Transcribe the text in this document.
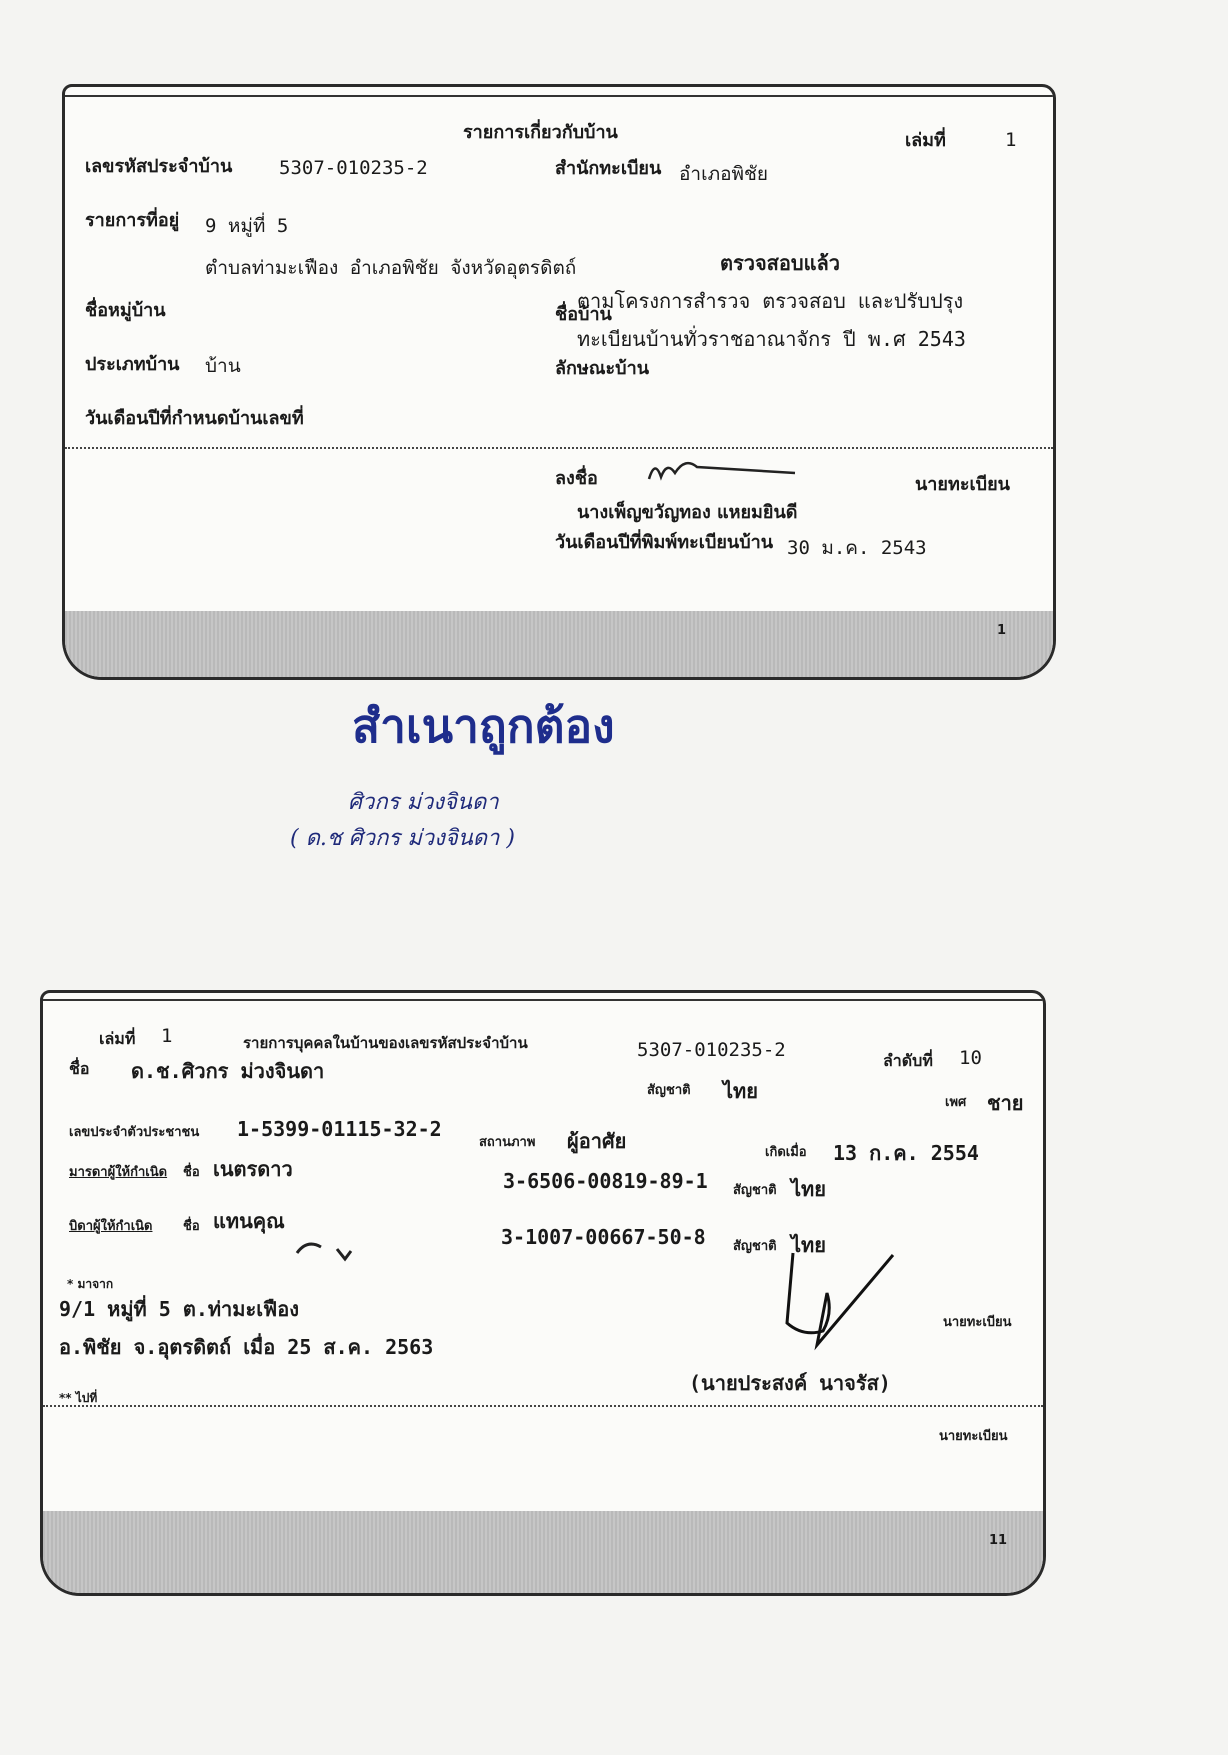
รายการเกี่ยวกับบ้าน	เล่มที่	1
เลขรหัสประจำบ้าน 5307-010235-2	สำนักทะเบียน อำเภอพิชัย
รายการที่อยู่ 9 หมู่ที่ 5
ตำบลท่ามะเฟือง อำเภอพิชัย จังหวัดอุตรดิตถ์	ตรวจสอบแล้ว
ตามโครงการสำรวจ ตรวจสอบ และปรับปรุง
ทะเบียนบ้านทั่วราชอาณาจักร ปี พ.ศ 2543
ชื่อหมู่บ้าน	ชื่อบ้าน
ประเภทบ้าน บ้าน	ลักษณะบ้าน
วันเดือนปีที่กำหนดบ้านเลขที่
ลงชื่อ	นายทะเบียน
นางเพ็ญขวัญทอง แหยมยินดี
วันเดือนปีที่พิมพ์ทะเบียนบ้าน 30 ม.ค. 2543
1
สำเนาถูกต้อง
ศิวกร ม่วงจินดา
( ด.ช ศิวกร ม่วงจินดา )
เล่มที่ 1	รายการบุคคลในบ้านของเลขรหัสประจำบ้าน	5307-010235-2	ลำดับที่ 10
ชื่อ ด.ช.ศิวกร ม่วงจินดา
สัญชาติ ไทย	เพศ ชาย
เลขประจำตัวประชาชน 1-5399-01115-32-2
สถานภาพ ผู้อาศัย	เกิดเมื่อ 13 ก.ค. 2554
มารดาผู้ให้กำเนิด ชื่อ เนตรดาว	3-6506-00819-89-1 สัญชาติ ไทย
บิดาผู้ให้กำเนิด ชื่อ แทนคุณ
3-1007-00667-50-8 สัญชาติ ไทย
* มาจาก
9/1 หมู่ที่ 5 ต.ท่ามะเฟือง
อ.พิชัย จ.อุตรดิตถ์ เมื่อ 25 ส.ค. 2563
นายทะเบียน
(นายประสงค์ นาจรัส)
** ไปที่
นายทะเบียน
11
